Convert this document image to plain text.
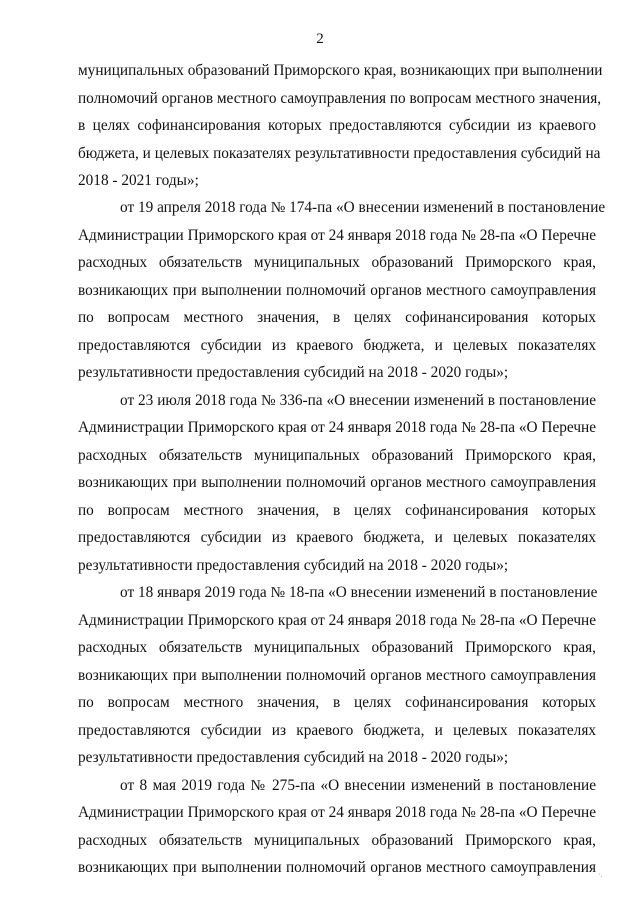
2
муниципальных образований Приморского края, возникающих при выполнении
полномочий органов местного самоуправления по вопросам местного значения,
в целях софинансирования которых предоставляются субсидии из краевого
бюджета, и целевых показателях результативности предоставления субсидий на
2018 - 2021 годы»;
от 19 апреля 2018 года № 174-па «О внесении изменений в постановление
Администрации Приморского края от 24 января 2018 года № 28-па «О Перечне
расходных обязательств муниципальных образований Приморского края,
возникающих при выполнении полномочий органов местного самоуправления
по вопросам местного значения, в целях софинансирования которых
предоставляются субсидии из краевого бюджета, и целевых показателях
результативности предоставления субсидий на 2018 - 2020 годы»;
от 23 июля 2018 года № 336-па «О внесении изменений в постановление
Администрации Приморского края от 24 января 2018 года № 28-па «О Перечне
расходных обязательств муниципальных образований Приморского края,
возникающих при выполнении полномочий органов местного самоуправления
по вопросам местного значения, в целях софинансирования которых
предоставляются субсидии из краевого бюджета, и целевых показателях
результативности предоставления субсидий на 2018 - 2020 годы»;
от 18 января 2019 года № 18-па «О внесении изменений в постановление
Администрации Приморского края от 24 января 2018 года № 28-па «О Перечне
расходных обязательств муниципальных образований Приморского края,
возникающих при выполнении полномочий органов местного самоуправления
по вопросам местного значения, в целях софинансирования которых
предоставляются субсидии из краевого бюджета, и целевых показателях
результативности предоставления субсидий на 2018 - 2020 годы»;
от 8 мая 2019 года № 275-па «О внесении изменений в постановление
Администрации Приморского края от 24 января 2018 года № 28-па «О Перечне
расходных обязательств муниципальных образований Приморского края,
возникающих при выполнении полномочий органов местного самоуправления ·.
